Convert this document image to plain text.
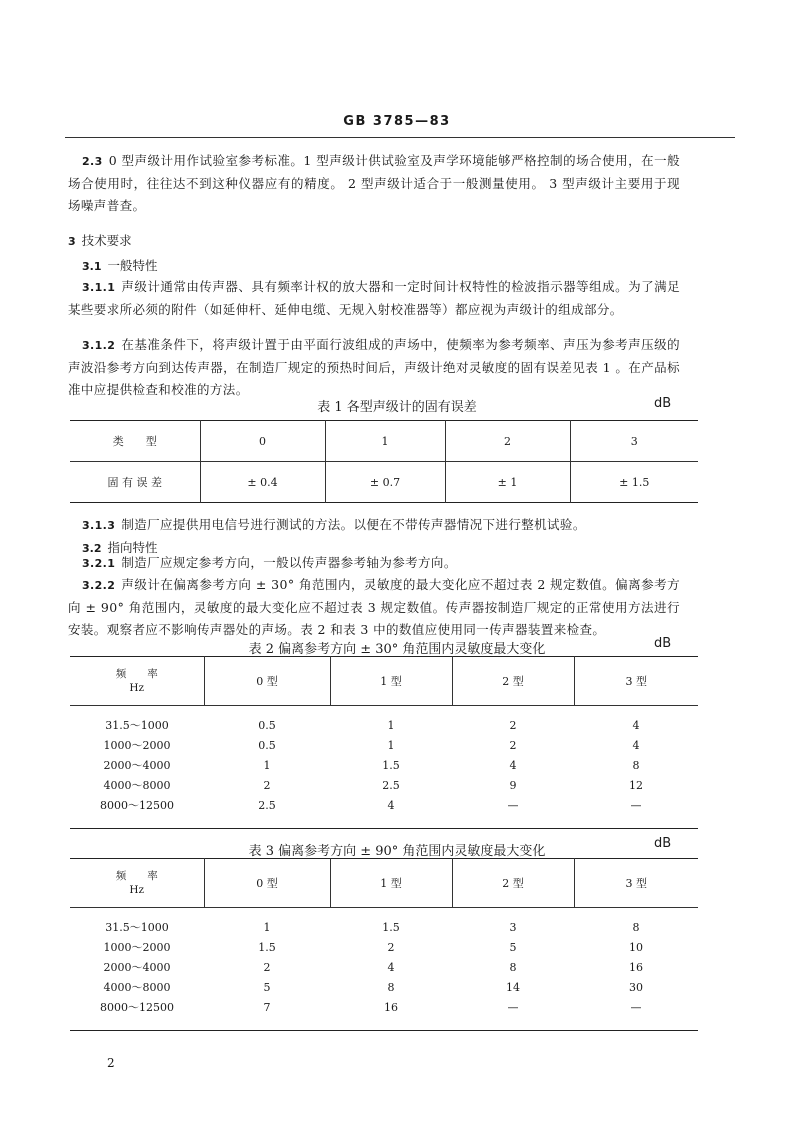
GB 3785—83
2.3 0 型声级计用作试验室参考标准。1 型声级计供试验室及声学环境能够严格控制的场合使用，在一般场合使用时，往往达不到这种仪器应有的精度。 2 型声级计适合于一般测量使用。 3 型声级计主要用于现场噪声普查。
3 技术要求
3.1 一般特性
3.1.1 声级计通常由传声器、具有频率计权的放大器和一定时间计权特性的检波指示器等组成。为了满足某些要求所必须的附件（如延伸杆、延伸电缆、无规入射校准器等）都应视为声级计的组成部分。
3.1.2 在基准条件下，将声级计置于由平面行波组成的声场中，使频率为参考频率、声压为参考声压级的声波沿参考方向到达传声器，在制造厂规定的预热时间后，声级计绝对灵敏度的固有误差见表 1 。在产品标准中应提供检查和校准的方法。
表 1 各型声级计的固有误差	dB
类　　型	0	1	2	3
固 有 误 差	± 0.4	± 0.7	± 1	± 1.5
3.1.3 制造厂应提供用电信号进行测试的方法。以便在不带传声器情况下进行整机试验。
3.2 指向特性
3.2.1 制造厂应规定参考方向，一般以传声器参考轴为参考方向。
3.2.2 声级计在偏离参考方向 ± 30° 角范围内，灵敏度的最大变化应不超过表 2 规定数值。偏离参考方向 ± 90° 角范围内，灵敏度的最大变化应不超过表 3 规定数值。传声器按制造厂规定的正常使用方法进行安装。观察者应不影响传声器处的声场。表 2 和表 3 中的数值应使用同一传声器装置来检查。
表 2 偏离参考方向 ± 30° 角范围内灵敏度最大变化	dB
频　　率
Hz	0 型	1 型	2 型	3 型

31.5～1000	0.5	1	2	4
1000～2000	0.5	1	2	4
2000～4000	1	1.5	4	8
4000～8000	2	2.5	9	12
8000～12500	2.5	4	—	—

表 3 偏离参考方向 ± 90° 角范围内灵敏度最大变化
dB
频　　率
Hz	0 型	1 型	2 型	3 型

31.5～1000	1	1.5	3	8
1000～2000	1.5	2	5	10
2000～4000	2	4	8	16
4000～8000	5	8	14	30
8000～12500	7	16	—	—

2
